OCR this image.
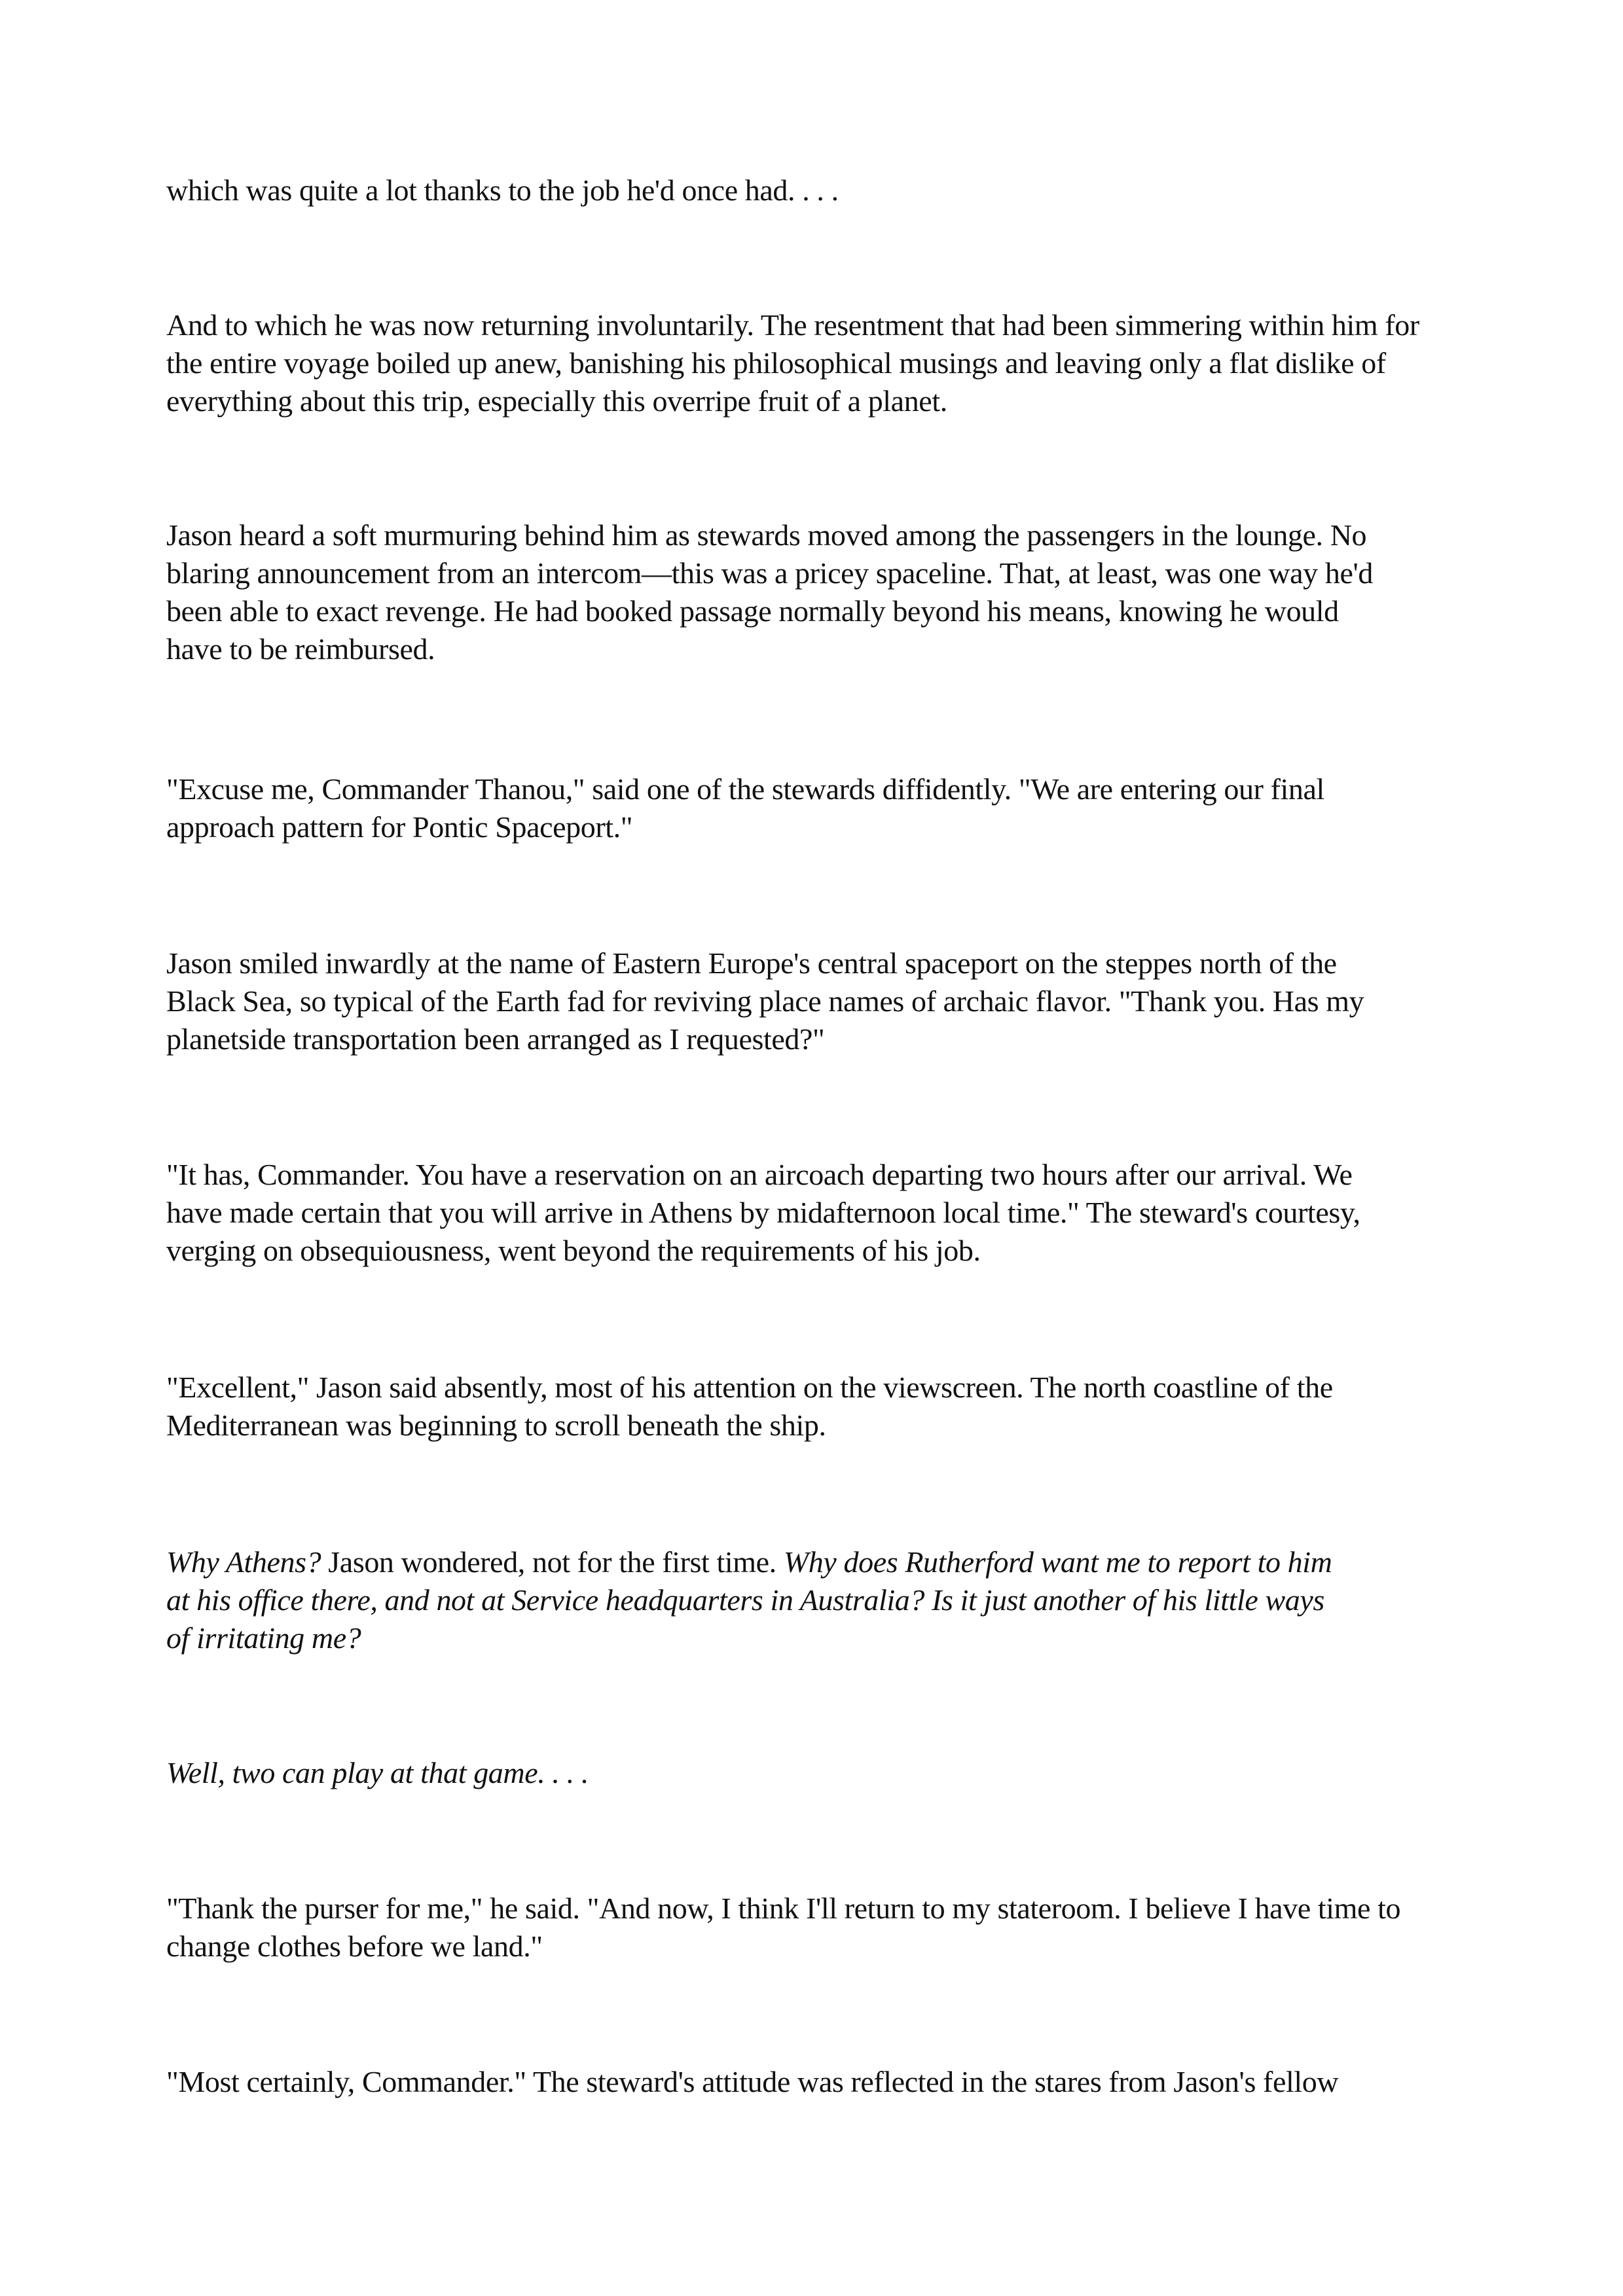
which was quite a lot thanks to the job he'd once had. . . .

And to which he was now returning involuntarily. The resentment that had been simmering within him for
the entire voyage boiled up anew, banishing his philosophical musings and leaving only a flat dislike of
everything about this trip, especially this overripe fruit of a planet.

Jason heard a soft murmuring behind him as stewards moved among the passengers in the lounge. No
blaring announcement from an intercom—this was a pricey spaceline. That, at least, was one way he'd
been able to exact revenge. He had booked passage normally beyond his means, knowing he would
have to be reimbursed.

"Excuse me, Commander Thanou," said one of the stewards diffidently. "We are entering our final
approach pattern for Pontic Spaceport."

Jason smiled inwardly at the name of Eastern Europe's central spaceport on the steppes north of the
Black Sea, so typical of the Earth fad for reviving place names of archaic flavor. "Thank you. Has my
planetside transportation been arranged as I requested?"

"It has, Commander. You have a reservation on an aircoach departing two hours after our arrival. We
have made certain that you will arrive in Athens by midafternoon local time." The steward's courtesy,
verging on obsequiousness, went beyond the requirements of his job.

"Excellent," Jason said absently, most of his attention on the viewscreen. The north coastline of the
Mediterranean was beginning to scroll beneath the ship.

Why Athens? Jason wondered, not for the first time. Why does Rutherford want me to report to him
at his office there, and not at Service headquarters in Australia? Is it just another of his little ways
of irritating me?

Well, two can play at that game. . . .

"Thank the purser for me," he said. "And now, I think I'll return to my stateroom. I believe I have time to
change clothes before we land."

"Most certainly, Commander." The steward's attitude was reflected in the stares from Jason's fellow
